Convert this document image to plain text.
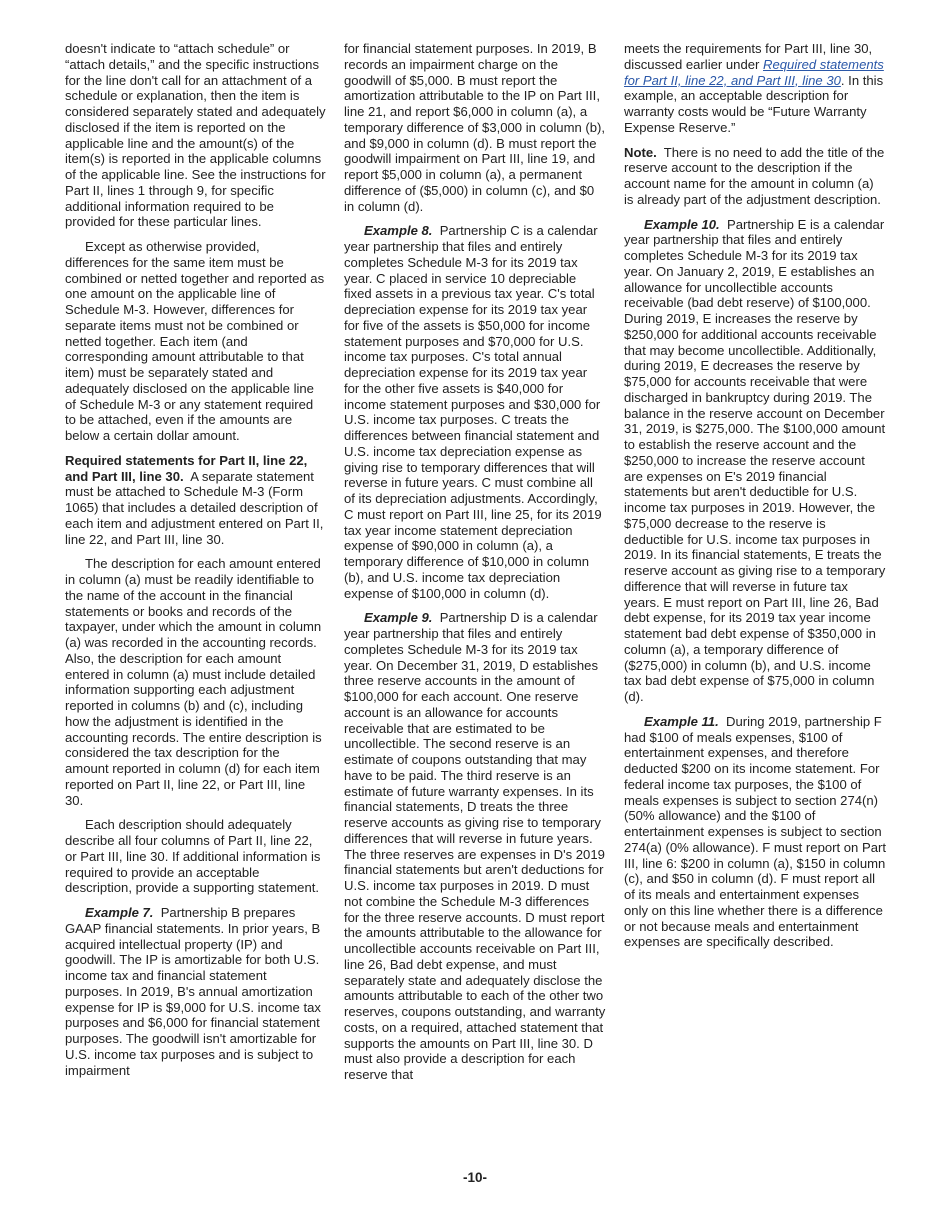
doesn't indicate to “attach schedule” or “attach details,” and the specific instructions for the line don't call for an attachment of a schedule or explanation, then the item is considered separately stated and adequately disclosed if the item is reported on the applicable line and the amount(s) of the item(s) is reported in the applicable columns of the applicable line. See the instructions for Part II, lines 1 through 9, for specific additional information required to be provided for these particular lines.

Except as otherwise provided, differences for the same item must be combined or netted together and reported as one amount on the applicable line of Schedule M-3. However, differences for separate items must not be combined or netted together. Each item (and corresponding amount attributable to that item) must be separately stated and adequately disclosed on the applicable line of Schedule M-3 or any statement required to be attached, even if the amounts are below a certain dollar amount.

Required statements for Part II, line 22, and Part III, line 30. A separate statement must be attached to Schedule M-3 (Form 1065) that includes a detailed description of each item and adjustment entered on Part II, line 22, and Part III, line 30.

The description for each amount entered in column (a) must be readily identifiable to the name of the account in the financial statements or books and records of the taxpayer, under which the amount in column (a) was recorded in the accounting records. Also, the description for each amount entered in column (a) must include detailed information supporting each adjustment reported in columns (b) and (c), including how the adjustment is identified in the accounting records. The entire description is considered the tax description for the amount reported in column (d) for each item reported on Part II, line 22, or Part III, line 30.

Each description should adequately describe all four columns of Part II, line 22, or Part III, line 30. If additional information is required to provide an acceptable description, provide a supporting statement.

Example 7. Partnership B prepares GAAP financial statements. In prior years, B acquired intellectual property (IP) and goodwill. The IP is amortizable for both U.S. income tax and financial statement purposes. In 2019, B's annual amortization expense for IP is $9,000 for U.S. income tax purposes and $6,000 for financial statement purposes. The goodwill isn't amortizable for U.S. income tax purposes and is subject to impairment

for financial statement purposes. In 2019, B records an impairment charge on the goodwill of $5,000. B must report the amortization attributable to the IP on Part III, line 21, and report $6,000 in column (a), a temporary difference of $3,000 in column (b), and $9,000 in column (d). B must report the goodwill impairment on Part III, line 19, and report $5,000 in column (a), a permanent difference of ($5,000) in column (c), and $0 in column (d).

Example 8. Partnership C is a calendar year partnership that files and entirely completes Schedule M-3 for its 2019 tax year. C placed in service 10 depreciable fixed assets in a previous tax year. C's total depreciation expense for its 2019 tax year for five of the assets is $50,000 for income statement purposes and $70,000 for U.S. income tax purposes. C's total annual depreciation expense for its 2019 tax year for the other five assets is $40,000 for income statement purposes and $30,000 for U.S. income tax purposes. C treats the differences between financial statement and U.S. income tax depreciation expense as giving rise to temporary differences that will reverse in future years. C must combine all of its depreciation adjustments. Accordingly, C must report on Part III, line 25, for its 2019 tax year income statement depreciation expense of $90,000 in column (a), a temporary difference of $10,000 in column (b), and U.S. income tax depreciation expense of $100,000 in column (d).

Example 9. Partnership D is a calendar year partnership that files and entirely completes Schedule M-3 for its 2019 tax year. On December 31, 2019, D establishes three reserve accounts in the amount of $100,000 for each account. One reserve account is an allowance for accounts receivable that are estimated to be uncollectible. The second reserve is an estimate of coupons outstanding that may have to be paid. The third reserve is an estimate of future warranty expenses. In its financial statements, D treats the three reserve accounts as giving rise to temporary differences that will reverse in future years. The three reserves are expenses in D's 2019 financial statements but aren't deductions for U.S. income tax purposes in 2019. D must not combine the Schedule M-3 differences for the three reserve accounts. D must report the amounts attributable to the allowance for uncollectible accounts receivable on Part III, line 26, Bad debt expense, and must separately state and adequately disclose the amounts attributable to each of the other two reserves, coupons outstanding, and warranty costs, on a required, attached statement that supports the amounts on Part III, line 30. D must also provide a description for each reserve that

meets the requirements for Part III, line 30, discussed earlier under Required statements for Part II, line 22, and Part III, line 30. In this example, an acceptable description for warranty costs would be “Future Warranty Expense Reserve.”

Note. There is no need to add the title of the reserve account to the description if the account name for the amount in column (a) is already part of the adjustment description.

Example 10. Partnership E is a calendar year partnership that files and entirely completes Schedule M-3 for its 2019 tax year. On January 2, 2019, E establishes an allowance for uncollectible accounts receivable (bad debt reserve) of $100,000. During 2019, E increases the reserve by $250,000 for additional accounts receivable that may become uncollectible. Additionally, during 2019, E decreases the reserve by $75,000 for accounts receivable that were discharged in bankruptcy during 2019. The balance in the reserve account on December 31, 2019, is $275,000. The $100,000 amount to establish the reserve account and the $250,000 to increase the reserve account are expenses on E's 2019 financial statements but aren't deductible for U.S. income tax purposes in 2019. However, the $75,000 decrease to the reserve is deductible for U.S. income tax purposes in 2019. In its financial statements, E treats the reserve account as giving rise to a temporary difference that will reverse in future tax years. E must report on Part III, line 26, Bad debt expense, for its 2019 tax year income statement bad debt expense of $350,000 in column (a), a temporary difference of ($275,000) in column (b), and U.S. income tax bad debt expense of $75,000 in column (d).

Example 11. During 2019, partnership F had $100 of meals expenses, $100 of entertainment expenses, and therefore deducted $200 on its income statement. For federal income tax purposes, the $100 of meals expenses is subject to section 274(n) (50% allowance) and the $100 of entertainment expenses is subject to section 274(a) (0% allowance). F must report on Part III, line 6: $200 in column (a), $150 in column (c), and $50 in column (d). F must report all of its meals and entertainment expenses only on this line whether there is a difference or not because meals and entertainment expenses are specifically described.

-10-
